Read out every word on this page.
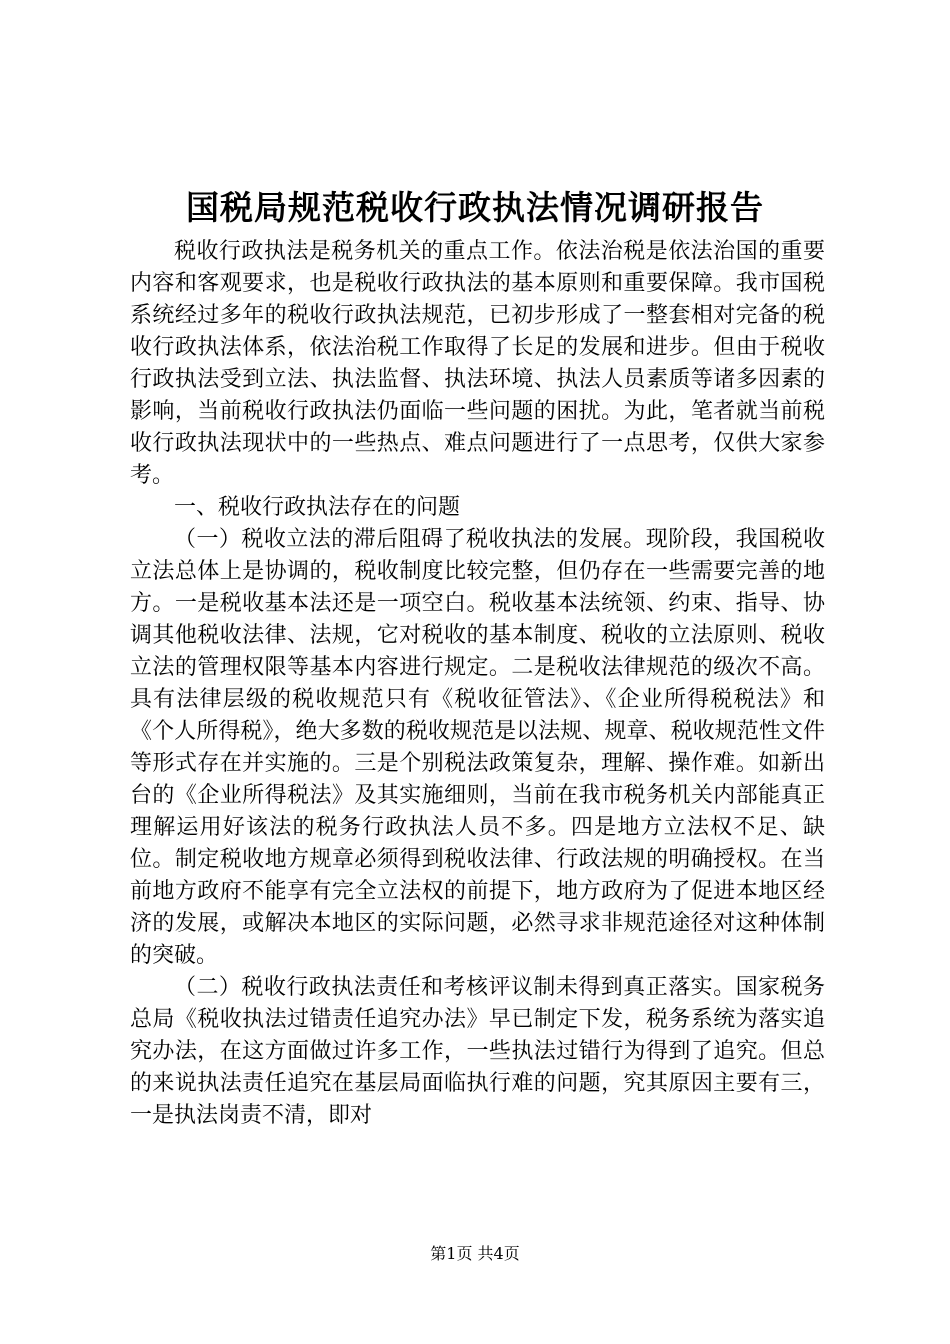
国税局规范税收行政执法情况调研报告

税收行政执法是税务机关的重点工作。依法治税是依法治国的重要内容和客观要求，也是税收行政执法的基本原则和重要保障。我市国税系统经过多年的税收行政执法规范，已初步形成了一整套相对完备的税收行政执法体系，依法治税工作取得了长足的发展和进步。但由于税收行政执法受到立法、执法监督、执法环境、执法人员素质等诸多因素的影响，当前税收行政执法仍面临一些问题的困扰。为此，笔者就当前税收行政执法现状中的一些热点、难点问题进行了一点思考，仅供大家参考。

一、税收行政执法存在的问题

（一）税收立法的滞后阻碍了税收执法的发展。现阶段，我国税收立法总体上是协调的，税收制度比较完整，但仍存在一些需要完善的地方。一是税收基本法还是一项空白。税收基本法统领、约束、指导、协调其他税收法律、法规，它对税收的基本制度、税收的立法原则、税收立法的管理权限等基本内容进行规定。二是税收法律规范的级次不高。具有法律层级的税收规范只有《税收征管法》、《企业所得税税法》和《个人所得税》，绝大多数的税收规范是以法规、规章、税收规范性文件等形式存在并实施的。三是个别税法政策复杂，理解、操作难。如新出台的《企业所得税法》及其实施细则，当前在我市税务机关内部能真正理解运用好该法的税务行政执法人员不多。四是地方立法权不足、缺位。制定税收地方规章必须得到税收法律、行政法规的明确授权。在当前地方政府不能享有完全立法权的前提下，地方政府为了促进本地区经济的发展，或解决本地区的实际问题，必然寻求非规范途径对这种体制的突破。

（二）税收行政执法责任和考核评议制未得到真正落实。国家税务总局《税收执法过错责任追究办法》早已制定下发，税务系统为落实追究办法，在这方面做过许多工作，一些执法过错行为得到了追究。但总的来说执法责任追究在基层局面临执行难的问题，究其原因主要有三，一是执法岗责不清，即对

第1页 共4页
